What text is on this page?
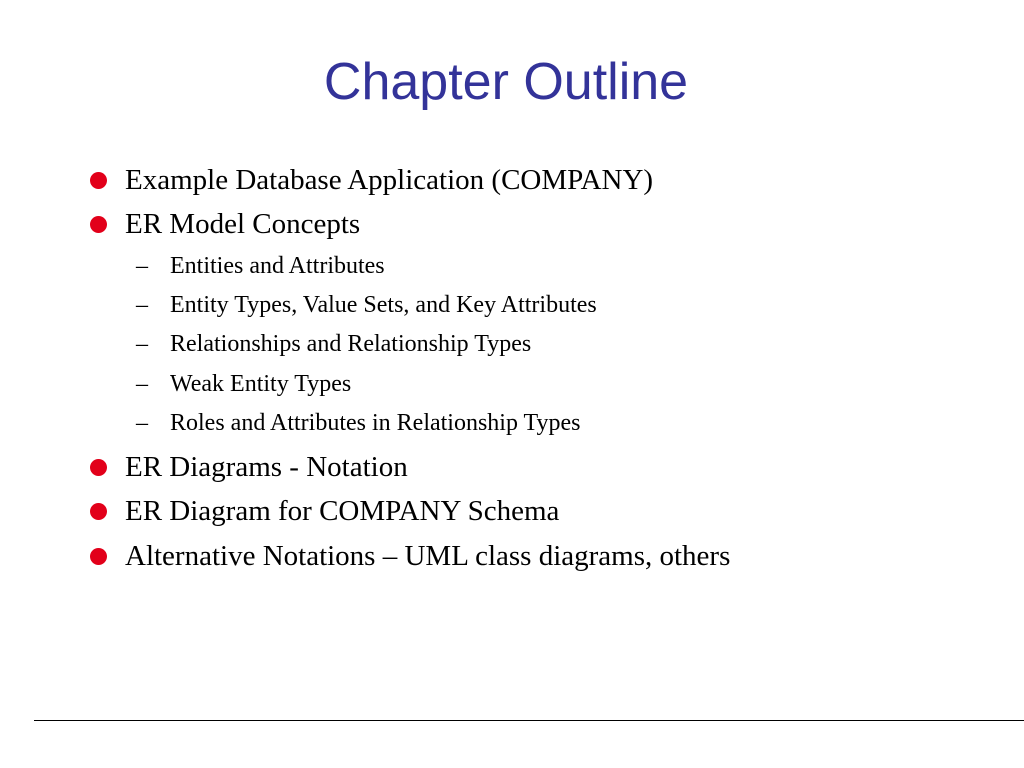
Chapter Outline
Example Database Application (COMPANY)
ER Model Concepts
– Entities and Attributes
– Entity Types, Value Sets, and Key Attributes
– Relationships and Relationship Types
– Weak Entity Types
– Roles and Attributes in Relationship Types
ER Diagrams - Notation
ER Diagram for COMPANY Schema
Alternative Notations – UML class diagrams, others
